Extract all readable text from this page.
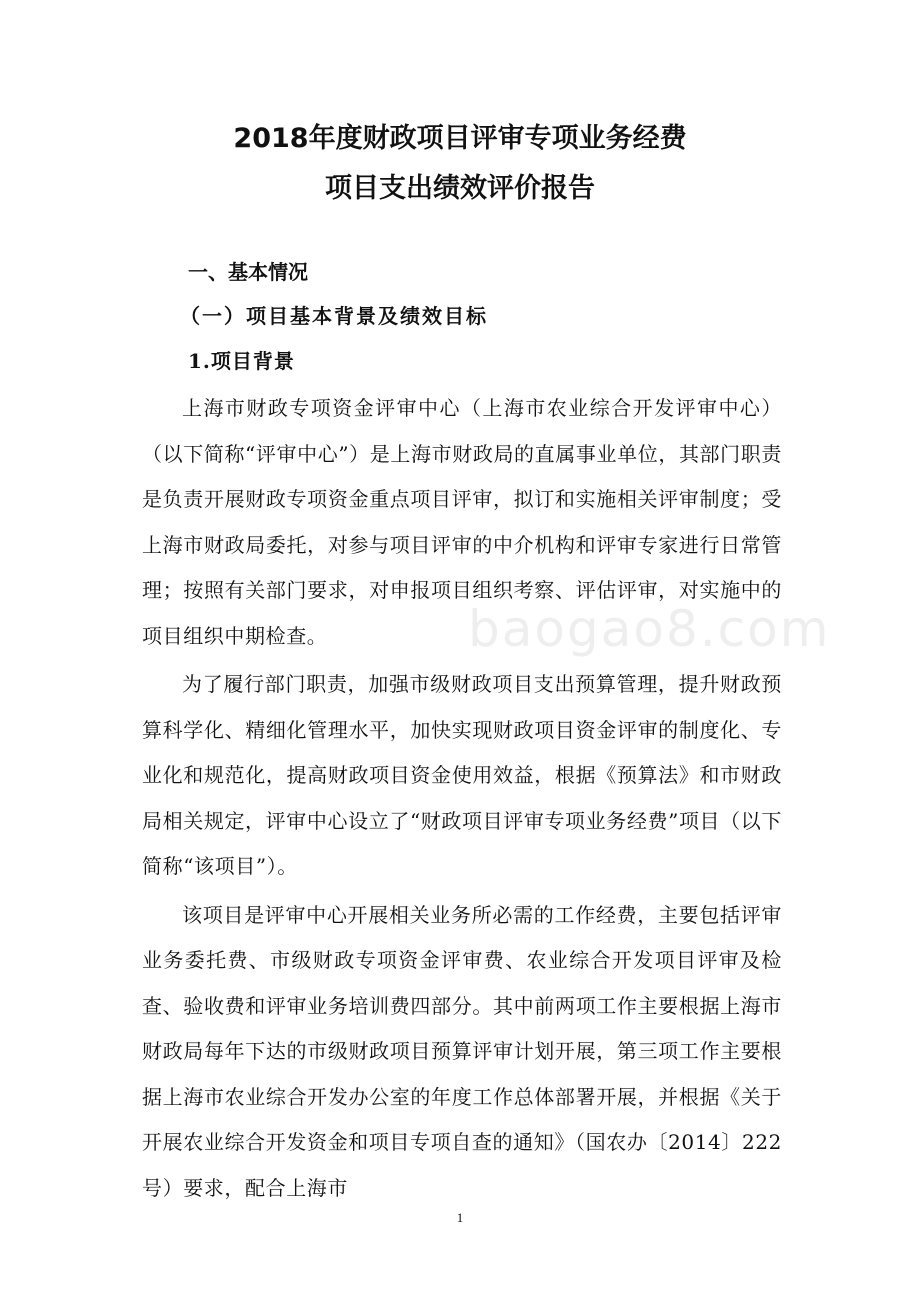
2018年度财政项目评审专项业务经费
项目支出绩效评价报告
一、基本情况
（一）项目基本背景及绩效目标
1.项目背景

上海市财政专项资金评审中心（上海市农业综合开发评审中心）（以下简称“评审中心”）是上海市财政局的直属事业单位，其部门职责是负责开展财政专项资金重点项目评审，拟订和实施相关评审制度；受上海市财政局委托，对参与项目评审的中介机构和评审专家进行日常管理；按照有关部门要求，对申报项目组织考察、评估评审，对实施中的项目组织中期检查。

为了履行部门职责，加强市级财政项目支出预算管理，提升财政预算科学化、精细化管理水平，加快实现财政项目资金评审的制度化、专业化和规范化，提高财政项目资金使用效益，根据《预算法》和市财政局相关规定，评审中心设立了“财政项目评审专项业务经费”项目（以下简称“该项目”）。

该项目是评审中心开展相关业务所必需的工作经费，主要包括评审业务委托费、市级财政专项资金评审费、农业综合开发项目评审及检查、验收费和评审业务培训费四部分。其中前两项工作主要根据上海市财政局每年下达的市级财政项目预算评审计划开展，第三项工作主要根据上海市农业综合开发办公室的年度工作总体部署开展，并根据《关于开展农业综合开发资金和项目专项自查的通知》（国农办〔2014〕222 号）要求，配合上海市

baogao8.com
1
